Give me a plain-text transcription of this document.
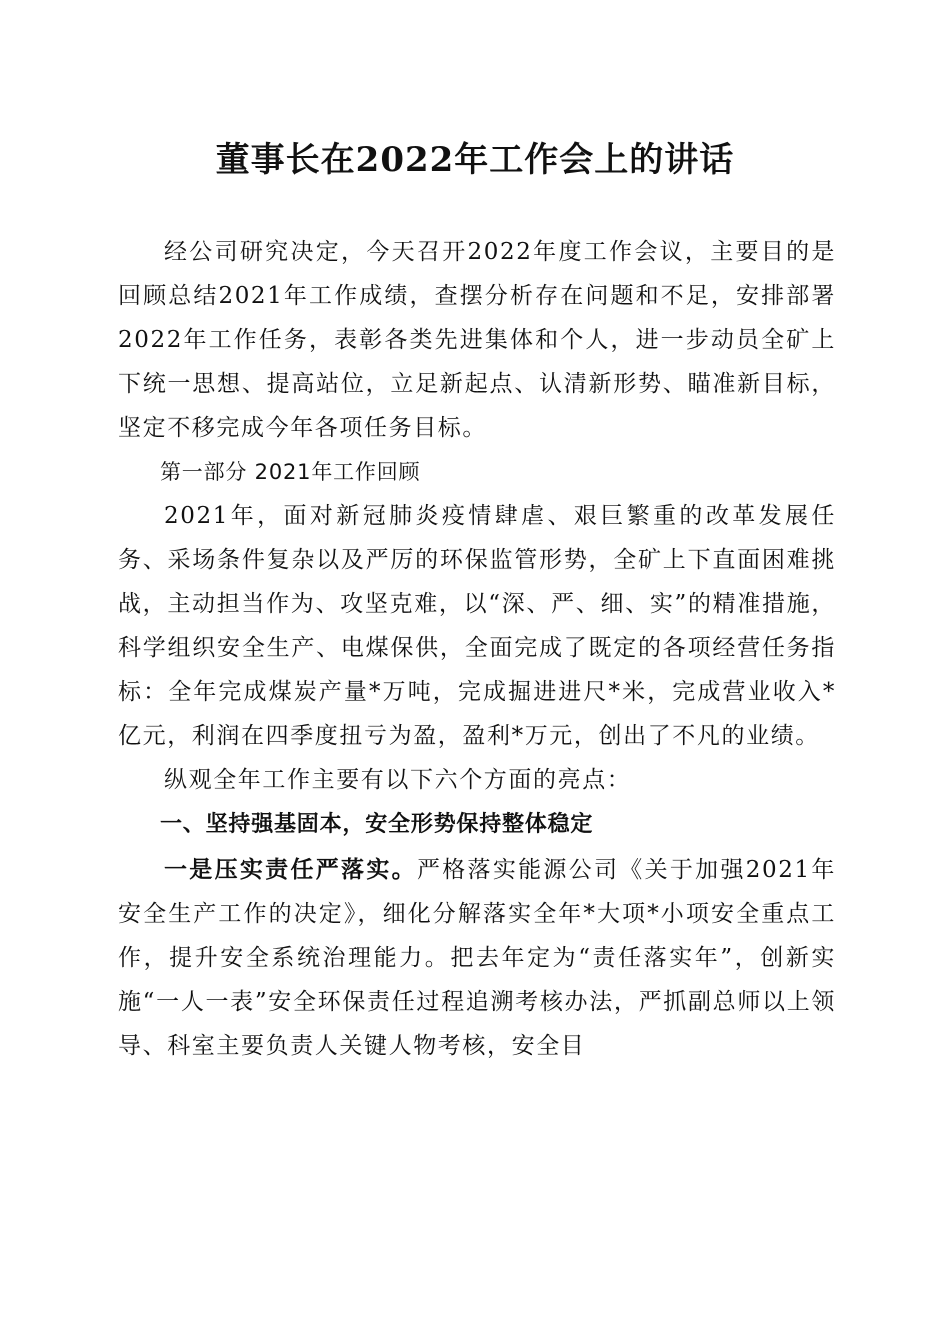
董事长在2022年工作会上的讲话

经公司研究决定，今天召开2022年度工作会议，主要目的是回顾总结2021年工作成绩，查摆分析存在问题和不足，安排部署2022年工作任务，表彰各类先进集体和个人，进一步动员全矿上下统一思想、提高站位，立足新起点、认清新形势、瞄准新目标，坚定不移完成今年各项任务目标。

第一部分 2021年工作回顾

2021年，面对新冠肺炎疫情肆虐、艰巨繁重的改革发展任务、采场条件复杂以及严厉的环保监管形势，全矿上下直面困难挑战，主动担当作为、攻坚克难，以“深、严、细、实”的精准措施，科学组织安全生产、电煤保供，全面完成了既定的各项经营任务指标：全年完成煤炭产量*万吨，完成掘进进尺*米，完成营业收入*亿元，利润在四季度扭亏为盈，盈利*万元，创出了不凡的业绩。

纵观全年工作主要有以下六个方面的亮点：

一、坚持强基固本，安全形势保持整体稳定

一是压实责任严落实。严格落实能源公司《关于加强2021年安全生产工作的决定》，细化分解落实全年*大项*小项安全重点工作，提升安全系统治理能力。把去年定为“责任落实年”，创新实施“一人一表”安全环保责任过程追溯考核办法，严抓副总师以上领导、科室主要负责人关键人物考核，安全目
